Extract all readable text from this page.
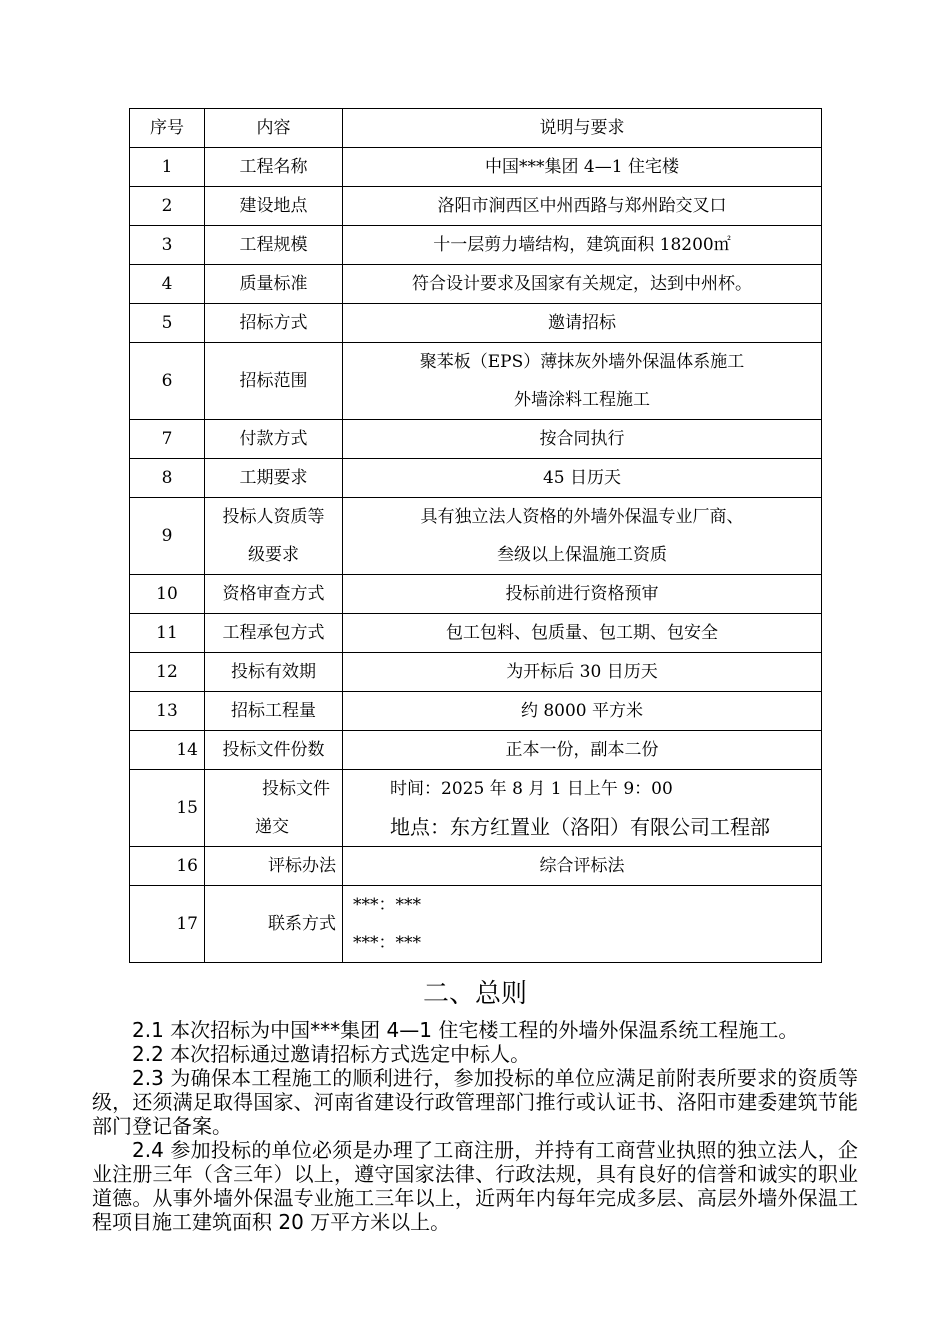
序号	内容	说明与要求
1	工程名称	中国***集团 4—1 住宅楼
2	建设地点	洛阳市涧西区中州西路与郑州跆交叉口
3	工程规模	十一层剪力墙结构，建筑面积 18200㎡
4	质量标准	符合设计要求及国家有关规定，达到中州杯。
5	招标方式	邀请招标

6	招标范围	聚苯板（EPS）薄抹灰外墙外保温体系施工
外墙涂料工程施工

7	付款方式	按合同执行
8	工期要求	45 日历天

9	投标人资质等
级要求	具有独立法人资格的外墙外保温专业厂商、
叁级以上保温施工资质

10	资格审查方式	投标前进行资格预审
11	工程承包方式	包工包料、包质量、包工期、包安全
12	投标有效期	为开标后 30 日历天
13	招标工程量	约 8000 平方米
14	投标文件份数	正本一份，副本二份

15	投标文件
递交	时间：2025 年 8 月 1 日上午 9：00
地点：东方红置业（洛阳）有限公司工程部

16	评标办法	综合评标法

17	联系方式	***：***
***：***
二、总则

2.1 本次招标为中国***集团 4—1 住宅楼工程的外墙外保温系统工程施工。

2.2 本次招标通过邀请招标方式选定中标人。

2.3 为确保本工程施工的顺利进行，参加投标的单位应满足前附表所要求的资质等级，还须满足取得国家、河南省建设行政管理部门推行或认证书、洛阳市建委建筑节能部门登记备案。

2.4 参加投标的单位必须是办理了工商注册，并持有工商营业执照的独立法人，企业注册三年（含三年）以上，遵守国家法律、行政法规，具有良好的信誉和诚实的职业道德。从事外墙外保温专业施工三年以上，近两年内每年完成多层、高层外墙外保温工程项目施工建筑面积 20 万平方米以上。
